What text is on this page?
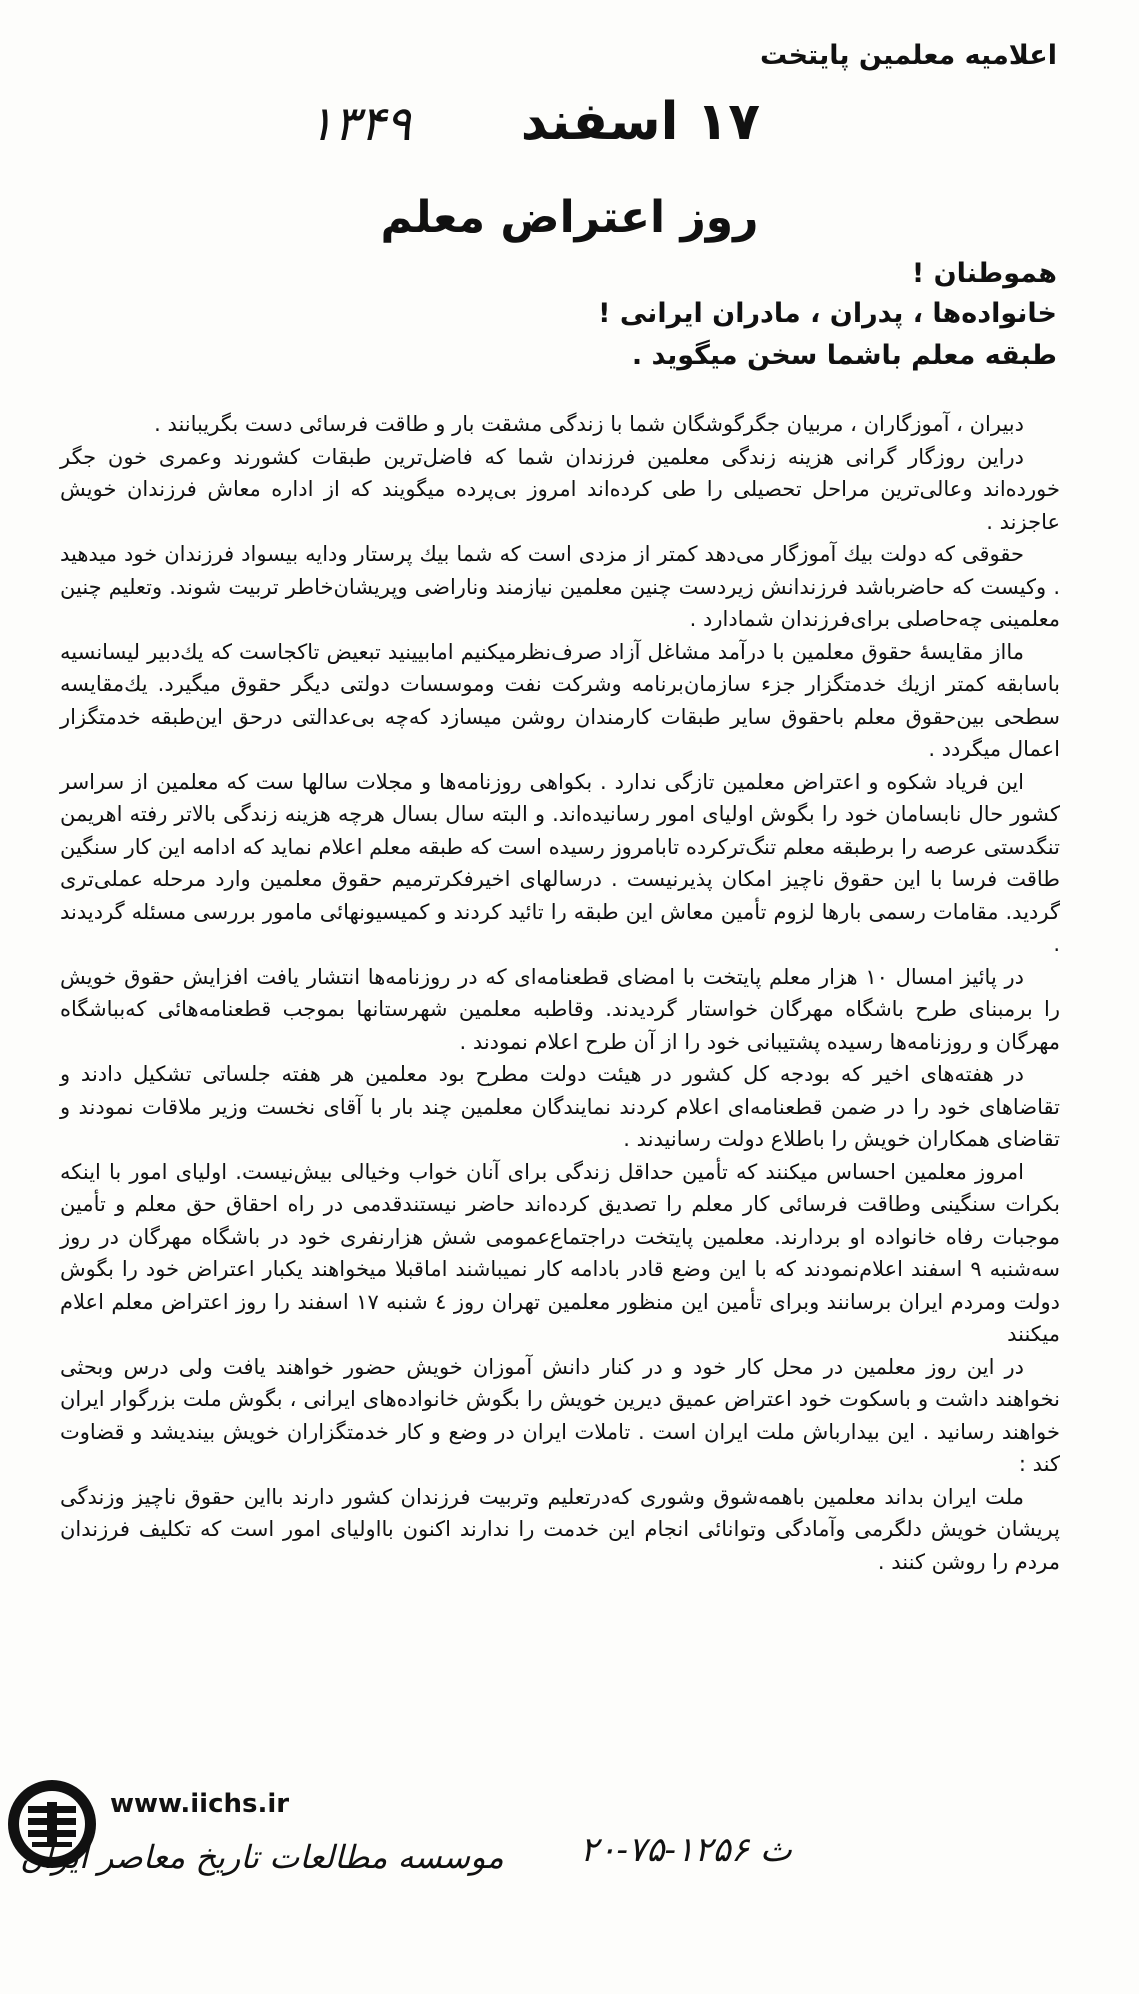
اعلامیه معلمین پایتخت
۱۷ اسفند
۱۳۴۹
روز اعتراض معلم
هموطنان !
خانواده‌ها ، پدران ، مادران ایرانی !
طبقه معلم باشما سخن میگوید .

دبیران ، آموزگاران ، مربیان جگرگوشگان شما با زندگی مشقت بار و طاقت فرسائی دست بگریبانند .

دراین روزگار گرانی هزینه زندگی معلمین فرزندان شما که فاضل‌ترین طبقات کشورند وعمری خون جگر خورده‌اند وعالی‌ترین مراحل تحصیلی را طی کرده‌اند امروز بی‌پرده میگویند که از اداره معاش فرزندان خویش عاجزند .

حقوقی که دولت بیك آموزگار می‌دهد کمتر از مزدی است که شما بیك پرستار ودایه بیسواد فرزندان خود میدهید . وکیست که حاضرباشد فرزندانش زیردست چنین معلمین نیازمند وناراضی وپریشان‌خاطر تربیت شوند. وتعلیم چنین معلمینی چه‌حاصلی برای‌فرزندان شمادارد .

مااز مقایسهٔ حقوق معلمین با درآمد مشاغل آزاد صرف‌نظرمیکنیم امابیینید تبعیض تاکجاست که یك‌دبیر لیسانسیه باسابقه کمتر ازیك خدمتگزار جزء سازمان‌برنامه وشرکت نفت وموسسات دولتی دیگر حقوق میگیرد. یك‌مقایسه سطحی بین‌حقوق معلم باحقوق سایر طبقات کارمندان روشن میسازد که‌چه بی‌عدالتی درحق این‌طبقه خدمتگزار اعمال میگردد .

این فریاد شکوه و اعتراض معلمین تازگی ندارد . بکواهی روزنامه‌ها و مجلات سالها ست که معلمین از سراسر کشور حال نابسامان خود را بگوش اولیای امور رسانیده‌اند. و البته سال بسال هرچه هزینه زندگی بالاتر رفته اهریمن تنگدستی عرصه را برطبقه معلم تنگ‌ترکرده تابامروز رسیده است که طبقه معلم اعلام نماید که ادامه این کار سنگین طاقت فرسا با این حقوق ناچیز امکان پذیرنیست . درسالهای اخیرفکرترمیم حقوق معلمین وارد مرحله عملی‌تری گردید. مقامات رسمی بارها لزوم تأمین معاش این طبقه را تائید کردند و کمیسیونهائی مامور بررسی مسئله گردیدند .

در پائیز امسال ۱۰ هزار معلم پایتخت با امضای قطعنامه‌ای که در روزنامه‌ها انتشار یافت افزایش حقوق خویش را برمبنای طرح باشگاه مهرگان خواستار گردیدند. وقاطبه معلمین شهرستانها بموجب قطعنامه‌هائی که‌بباشگاه مهرگان و روزنامه‌ها رسیده پشتیبانی خود را از آن طرح اعلام نمودند .

در هفته‌های اخیر که بودجه کل کشور در هیئت دولت مطرح بود معلمین هر هفته جلساتی تشکیل دادند و تقاضاهای خود را در ضمن قطعنامه‌ای اعلام کردند نمایندگان معلمین چند بار با آقای نخست وزیر ملاقات نمودند و تقاضای همکاران خویش را باطلاع دولت رسانیدند .

امروز معلمین احساس میکنند که تأمین حداقل زندگی برای آنان خواب وخیالی بیش‌نیست. اولیای امور با اینکه بکرات سنگینی وطاقت فرسائی کار معلم را تصدیق کرده‌اند حاضر نیستندقدمی در راه احقاق حق معلم و تأمین موجبات رفاه خانواده او بردارند. معلمین پایتخت دراجتماع‌عمومی شش هزارنفری خود در باشگاه مهرگان در روز سه‌شنبه ۹ اسفند اعلام‌نمودند که با این وضع قادر بادامه کار نمیباشند اماقبلا میخواهند یکبار اعتراض خود را بگوش دولت ومردم ایران برسانند وبرای تأمین این منظور معلمین تهران روز ٤ شنبه ۱۷ اسفند را روز اعتراض معلم اعلام میکنند

در این روز معلمین در محل کار خود و در کنار دانش آموزان خویش حضور خواهند یافت ولی درس وبحثی نخواهند داشت و باسکوت خود اعتراض عمیق دیرین خویش را بگوش خانواده‌های ایرانی ، بگوش ملت بزرگوار ایران خواهند رسانید . این بیدارباش ملت ایران است . تاملات ایران در وضع و کار خدمتگزاران خویش بیندیشد و قضاوت کند :

ملت ایران بداند معلمین باهمه‌شوق وشوری که‌درتعلیم وتربیت فرزندان کشور دارند بااین حقوق ناچیز وزندگی پریشان خویش دلگرمی وآمادگی وتوانائی انجام این خدمت را ندارند اکنون بااولیای امور است که تکلیف فرزندان مردم را روشن کنند .

www.iichs.ir
موسسه مطالعات تاریخ معاصر ایران ۲۰-۷۵-۱۲۵۶ ث
